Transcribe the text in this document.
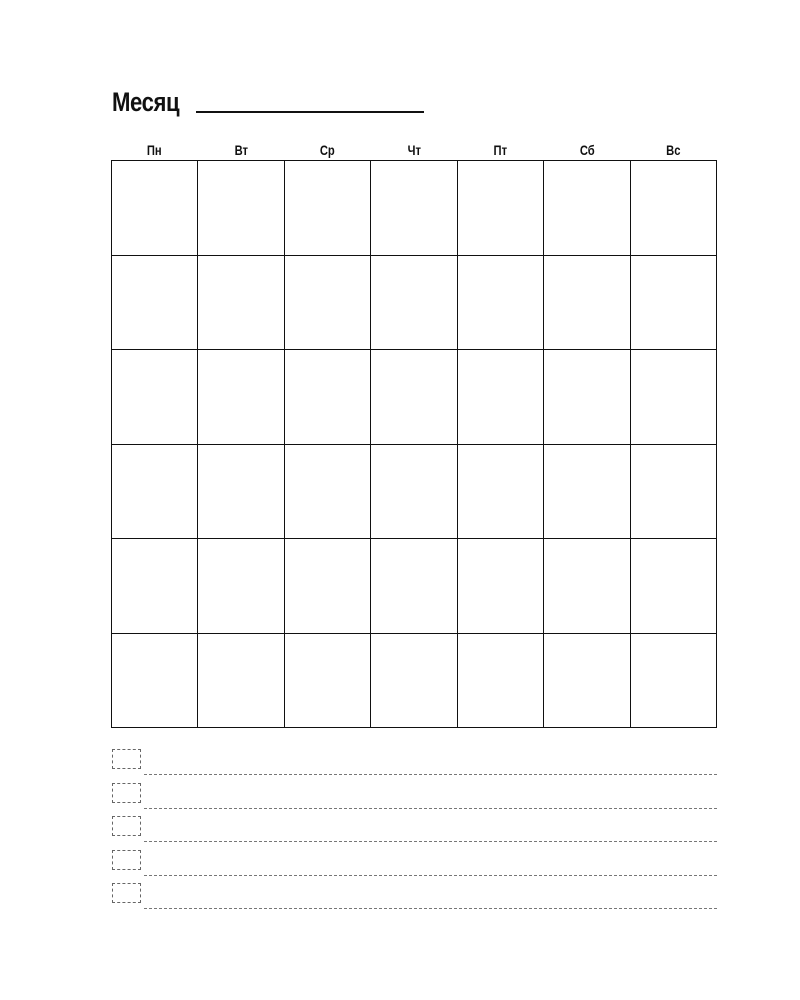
Месяц
Пн	Вт	Ср	Чт	Пт	Сб	Вс
